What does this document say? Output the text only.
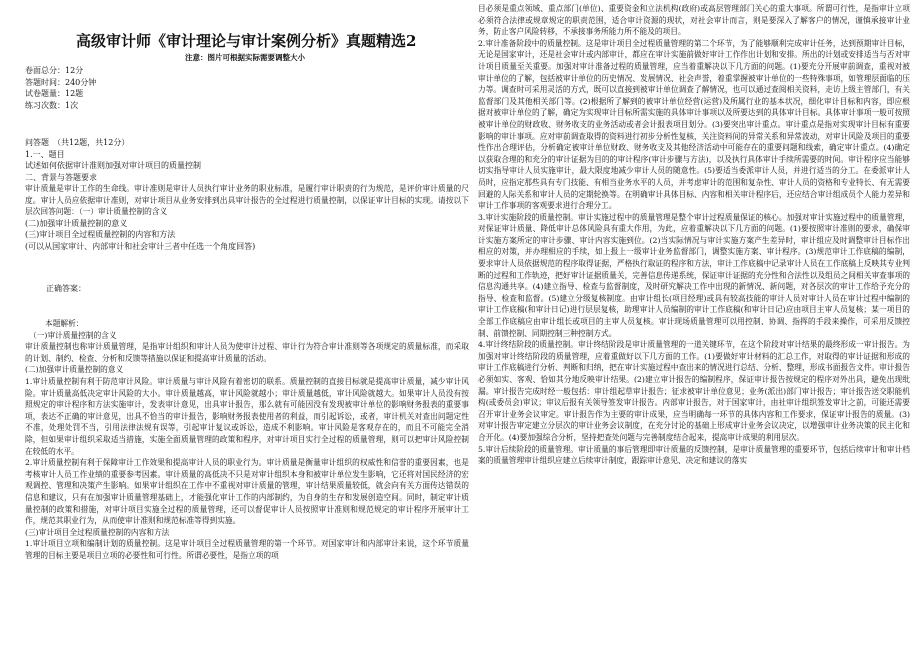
高级审计师《审计理论与审计案例分析》真题精选2
注意：图片可根据实际需要调整大小
卷面总分：12分
答题时间：240分钟
试卷题量：12题
练习次数：1次
问答题　（共12题，共12分）
1.一、题目
试述如何依据审计准则加强对审计项目的质量控制
二、背景与答题要求

审计质量是审计工作的生命线。审计准则是审计人员执行审计业务的职业标准，是履行审计职责的行为规范，是评价审计质量的尺度。审计人员应依据审计准则，对审计项目从业务安排到出具审计报告的全过程进行质量控制，以保证审计目标的实现。请按以下层次回答问题：（一）审计质量控制的含义

(二)加强审计质量控制的意义
(三)审计项目全过程质量控制的内容和方法
(可以从国家审计、内部审计和社会审计三者中任选一个角度回答)
正确答案：

本题解析：

（一)审计质量控制的含义

审计质量控制也称审计质量管理，是指审计组织和审计人员为使审计过程、审计行为符合审计准则等各项规定的质量标准，而采取的计划、制约、检查、分析和反馈等措施以保证和提高审计质量的活动。

(二)加强审计质量控制的意义

1.审计质量控制有利于防范审计风险。审计质量与审计风险有着密切的联系。质量控制的直接目标就是提高审计质量，减少审计风险。审计质量高低决定审计风险的大小。审计质量越高，审计风险就越小；审计质量越低，审计风险就越大。如果审计人员没有按照规定的审计程序和方法实施审计，发表审计意见，出具审计报告，那么就有可能因没有发现被审计单位的影响财务报表的重要事项，表达不正确的审计意见，出具不恰当的审计报告，影响财务报表使用者的利益，而引起诉讼，或者，审计机关对查出问题定性不准，处理处罚不当，引用法律法规有误等，引起审计复议或诉讼，造成不利影响。审计风险是客观存在的，而且不可能完全消除，但如果审计组织采取适当措施，实施全面质量管理的政策和程序，对审计项目实行全过程的质量管理，则可以把审计风险控制在较低的水平。

2.审计质量控制有利于保障审计工作效果和提高审计人员的职业行为。审计质量是衡量审计组织的权威性和信誉的重要因素，也是考核审计人员工作业绩的重要参考因素。审计质量的高低决不只是对审计组织本身和被审计单位发生影响，它还将对国民经济的宏观调控、管理和决策产生影响。如果审计组织在工作中不重视对审计质量的管理，审计结果质量较低，就会向有关方面传达错误的信息和建议，只有在加强审计质量管理基础上，才能强化审计工作的内部制约，为自身的生存和发展创造空间。同时，制定审计质量控制的政策和措施，对审计项目实施全过程的质量管理，还可以督促审计人员按照审计准则和规范规定的审计程序开展审计工作，规范其职业行为，从而使审计准则和规范标准等得到实施。

(三)审计项目全过程质量控制的内容和方法

1.审计项目立项和编制计划的质量控制。这是审计项目全过程质量管理的第一个环节。对国家审计和内部审计来说，这个环节质量管理的目标主要是项目立项的必要性和可行性。所谓必要性，是指立项的项

目必须是重点领域、重点部门(单位)、重要资金和立法机构(政府)或高层管理部门关心的重大事项。所谓可行性，是指审计立项必须符合法律或规章规定的职责范围，适合审计资源的现状，对社会审计而言，则是要深入了解客户的情况，谨慎承接审计业务，防止客户风险转移，不承接事务所能力所不能及的项目。

2.审计准备阶段中的质量控制。这是审计项目全过程质量管理的第二个环节，为了能够顺利完成审计任务，达到预期审计目标，无论是国家审计，还是社会审计或内部审计，都应在审计实施前做好审计工作作出计划和安排。所出的计划或安排适当与否对审计项目质量至关重要。加强对审计准备过程的质量管理，应当着重解决以下几方面的问题。(1)要充分开展审前调查，重视对被审计单位的了解，包括被审计单位的历史情况、发展情况、社会声誉，着重掌握被审计单位的一些特殊事项，如管理层面临的压力等。调查时可采用灵活的方式，既可以直接到被审计单位调查了解情况，也可以通过查阅相关资料，走访上级主管部门，有关监督部门及其他相关部门等。(2)根据所了解到的被审计单位经营(运营)及所属行业的基本状况，细化审计目标和内容，即应根据对被审计单位的了解，确定为实现审计目标所需实施的具体审计事项以及所要达到的具体审计目标。具体审计事项一般可按照被审计单位的财政收、财务收支的业务活动或者会计报表项目划分。(3)要突出审计重点。审计重点是指对实现审计目标有重要影响的审计事项。应对审前调查取得的资料进行初步分析性复核，关注资料间的异常关系和异常波动，对审计风险及项目的重要性作出合理评估，分析确定被审计单位财政、财务收支及其他经济活动中可能存在的重要问题和线索，确定审计重点。(4)确定以获取合理的和充分的审计证据为目的的审计程序(审计步骤与方法)，以及执行具体审计手续所需要的时间。审计程序应当能够切实指导审计人员实施审计，最大限度地减少审计人员的随意性。(5)要适当委派审计人员，并进行适当的分工。在委派审计人员时，应指定那些具有专门技能、有相当业务水平的人员，并考虑审计的范围和复杂性、审计人员的资格和专业特长、有无需要回避的人际关系和审计人员的定期轮换等。在明确审计具体目标、内容和相关审计程序后，还应结合审计组成员个人能力差异和审计工作事项的客观要求进行合理分工。

3.审计实施阶段的质量控制。审计实施过程中的质量管理是整个审计过程质量保证的核心。加强对审计实施过程中的质量管理，对保证审计质量、降低审计总体风险具有重大作用，为此，应着重解决以下几方面的问题。(1)要按照审计准则的要求，确保审计实施方案所定的审计步骤、审计内容实施到位。(2)当实际情况与审计实施方案产生差异时，审计组应及时调整审计目标作出相应的对策，并办理相应的手续，如上报上一级审计业务监督部门，调整实施方案、审计程序。(3)规范审计工作底稿的编制，要求审计人员依据规范的程序取得证据，严格执行取证的程序和方法，审计工作底稿中记录审计人员在工作底稿上反映其专业判断的过程和工作轨迹，把好审计证据质量关，完善信息传递系统，保证审计证据的充分性和合法性以及组员之间相关审查事项的信息沟通共享。(4)建立指导、检查与监督制度，及时研究解决工作中出现的新情况、新问题，对各层次的审计工作给予充分的指导、检查和监督。(5)建立分级复核制度。由审计组长(项目经理)或具有较高技能的审计人员对审计人员在审计过程中编制的审计工作底稿(和审计日记)进行层层复核，助理审计人员编制的审计工作底稿(和审计日记)应由项目主审人员复核；某一项目的全部工作底稿应由审计组长或项目的主审人员复核。审计现场质量管理可以用控制、协调、指挥的手段来操作，可采用反馈控制、前馈控制、同期控制三种控制方式。

4.审计终结阶段的质量控制。审计终结阶段是审计质量管理的一道关键环节，在这个阶段对审计结果的最终形成一审计报告。为加强对审计终结阶段的质量管理，应着重做好以下几方面的工作。(1)要做好审计材料的汇总工作，对取得的审计证据和形成的审计工作底稿进行分析、判断和归纳，把在审计实施过程中查出来的情况进行总结、分析、整理，形成书面报告文件。审计报告必须如实、客观、恰如其分地反映审计结果。(2)建立审计报告的编制程序，保证审计报告按规定的程序对外出具，避免出现纰漏。审计报告完成时经一般包括：审计组起草审计报告；征求被审计单位意见；业务(派出)部门审计报告；审计报告送交职能机构(或委员会)审议；审议后报有关领导签发审计报告。内部审计报告，对于国家审计，由社审计组织签发审计之前，可能还需要召开审计业务会议审定。审计报告作为主要的审计成果，应当明确每一环节的具体内容和工作要求，保证审计报告的质量。(3)对审计报告审定建立分层次的审计业务会议制度，在充分讨论的基础上形成审计业务会议决定，以增强审计业务决策的民主化和合开化。(4)要加强综合分析，坚持把查处问题与完善制度结合起来，提高审计成果的利用层次。

5.审计后续阶段的质量管理。审计质量的事后管理即审计质量的反馈控制，是审计质量管理的重要环节，包括后续审计和审计档案的质量管理审计组织应建立后续审计制度，跟踪审计意见、决定和建议的落实
